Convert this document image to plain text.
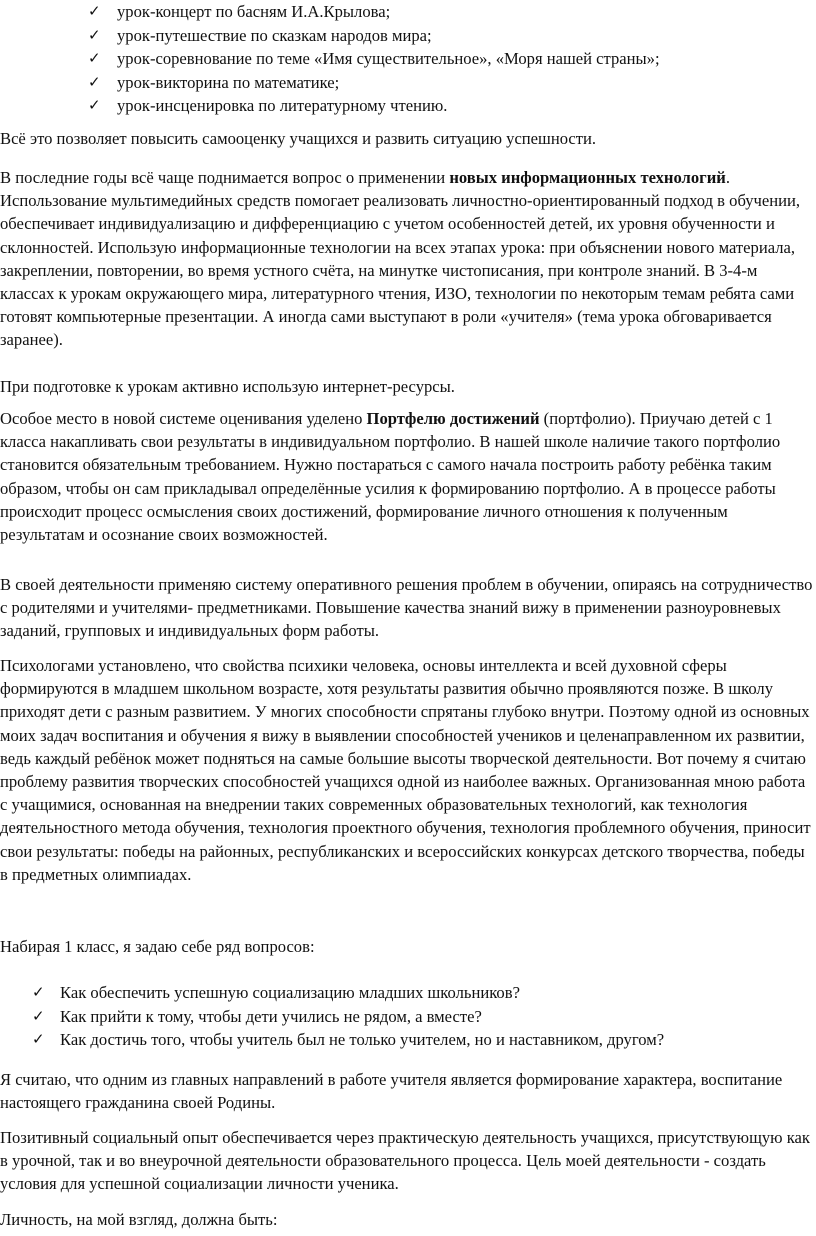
✓ урок-концерт по басням И.А.Крылова;
✓ урок-путешествие по сказкам народов мира;
✓ урок-соревнование по теме «Имя существительное», «Моря нашей страны»;
✓ урок-викторина по математике;
✓ урок-инсценировка по литературному чтению.

Всё это позволяет повысить самооценку учащихся и развить ситуацию успешности.

В последние годы всё чаще поднимается вопрос о применении новых информационных технологий. Использование мультимедийных средств помогает реализовать личностно-ориентированный подход в обучении, обеспечивает индивидуализацию и дифференциацию с учетом особенностей детей, их уровня обученности и склонностей. Использую информационные технологии на всех этапах урока: при объяснении нового материала, закреплении, повторении, во время устного счёта, на минутке чистописания, при контроле знаний. В 3-4-м классах к урокам окружающего мира, литературного чтения, ИЗО, технологии по некоторым темам ребята сами готовят компьютерные презентации. А иногда сами выступают в роли «учителя» (тема урока обговаривается заранее).

При подготовке к урокам активно использую интернет-ресурсы.

Особое место в новой системе оценивания уделено Портфелю достижений (портфолио). Приучаю детей с 1 класса накапливать свои результаты в индивидуальном портфолио. В нашей школе наличие такого портфолио становится обязательным требованием. Нужно постараться с самого начала построить работу ребёнка таким образом, чтобы он сам прикладывал определённые усилия к формированию портфолио. А в процессе работы происходит процесс осмысления своих достижений, формирование личного отношения к полученным результатам и осознание своих возможностей.

В своей деятельности применяю систему оперативного решения проблем в обучении, опираясь на сотрудничество с родителями и учителями- предметниками. Повышение качества знаний вижу в применении разноуровневых заданий, групповых и индивидуальных форм работы.

Психологами установлено, что свойства психики человека, основы интеллекта и всей духовной сферы формируются в младшем школьном возрасте, хотя результаты развития обычно проявляются позже. В школу приходят дети с разным развитием. У многих способности спрятаны глубоко внутри. Поэтому одной из основных моих задач воспитания и обучения я вижу в выявлении способностей учеников и целенаправленном их развитии, ведь каждый ребёнок может подняться на самые большие высоты творческой деятельности. Вот почему я считаю проблему развития творческих способностей учащихся одной из наиболее важных. Организованная мною работа с учащимися, основанная на внедрении таких современных образовательных технологий, как технология деятельностного метода обучения, технология проектного обучения, технология проблемного обучения, приносит свои результаты: победы на районных, республиканских и всероссийских конкурсах детского творчества, победы в предметных олимпиадах.

Набирая 1 класс, я задаю себе ряд вопросов:

✓ Как обеспечить успешную социализацию младших школьников?
✓ Как прийти к тому, чтобы дети учились не рядом, а вместе?
✓ Как достичь того, чтобы учитель был не только учителем, но и наставником, другом?

Я считаю, что одним из главных направлений в работе учителя является формирование характера, воспитание настоящего гражданина своей Родины.

Позитивный социальный опыт обеспечивается через практическую деятельность учащихся, присутствующую как в урочной, так и во внеурочной деятельности образовательного процесса. Цель моей деятельности - создать условия для успешной социализации личности ученика.

Личность, на мой взгляд, должна быть:
